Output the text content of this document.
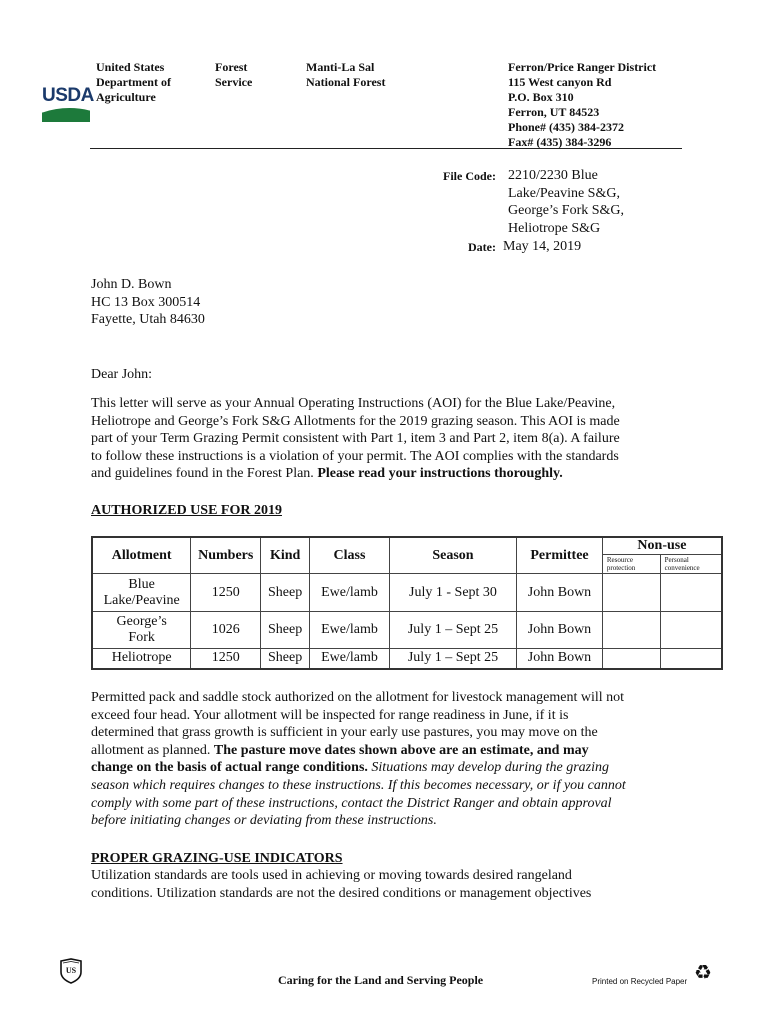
USDA
United States
Department of
Agriculture
Forest
Service
Manti-La Sal
National Forest
Ferron/Price Ranger District
115 West canyon Rd
P.O. Box 310
Ferron, UT 84523
Phone# (435) 384-2372
Fax# (435) 384-3296
File Code: 2210/2230 Blue
Lake/Peavine S&G,
George’s Fork S&G,
Heliotrope S&G
Date: May 14, 2019
John D. Bown
HC 13 Box 300514
Fayette, Utah 84630
Dear John:
This letter will serve as your Annual Operating Instructions (AOI) for the Blue Lake/Peavine,
Heliotrope and George’s Fork S&G Allotments for the 2019 grazing season. This AOI is made
part of your Term Grazing Permit consistent with Part 1, item 3 and Part 2, item 8(a). A failure
to follow these instructions is a violation of your permit. The AOI complies with the standards
and guidelines found in the Forest Plan. Please read your instructions thoroughly.
AUTHORIZED USE FOR 2019
Allotment	Numbers	Kind	Class	Season	Permittee	Non-use	
						Resource protection	Personal convenience

Blue
Lake/Peavine	1250	Sheep	Ewe/lamb	July 1 - Sept 30	John Bown		

George’s
Fork	1026	Sheep	Ewe/lamb	July 1 – Sept 25	John Bown		
Heliotrope	1250	Sheep	Ewe/lamb	July 1 – Sept 25	John Bown		
Permitted pack and saddle stock authorized on the allotment for livestock management will not
exceed four head. Your allotment will be inspected for range readiness in June, if it is
determined that grass growth is sufficient in your early use pastures, you may move on the
allotment as planned. The pasture move dates shown above are an estimate, and may
change on the basis of actual range conditions. Situations may develop during the grazing
season which requires changes to these instructions. If this becomes necessary, or if you cannot
comply with some part of these instructions, contact the District Ranger and obtain approval
before initiating changes or deviating from these instructions.
PROPER GRAZING-USE INDICATORS
Utilization standards are tools used in achieving or moving towards desired rangeland
conditions. Utilization standards are not the desired conditions or management objectives
US
Caring for the Land and Serving People	Printed on Recycled Paper ♻
